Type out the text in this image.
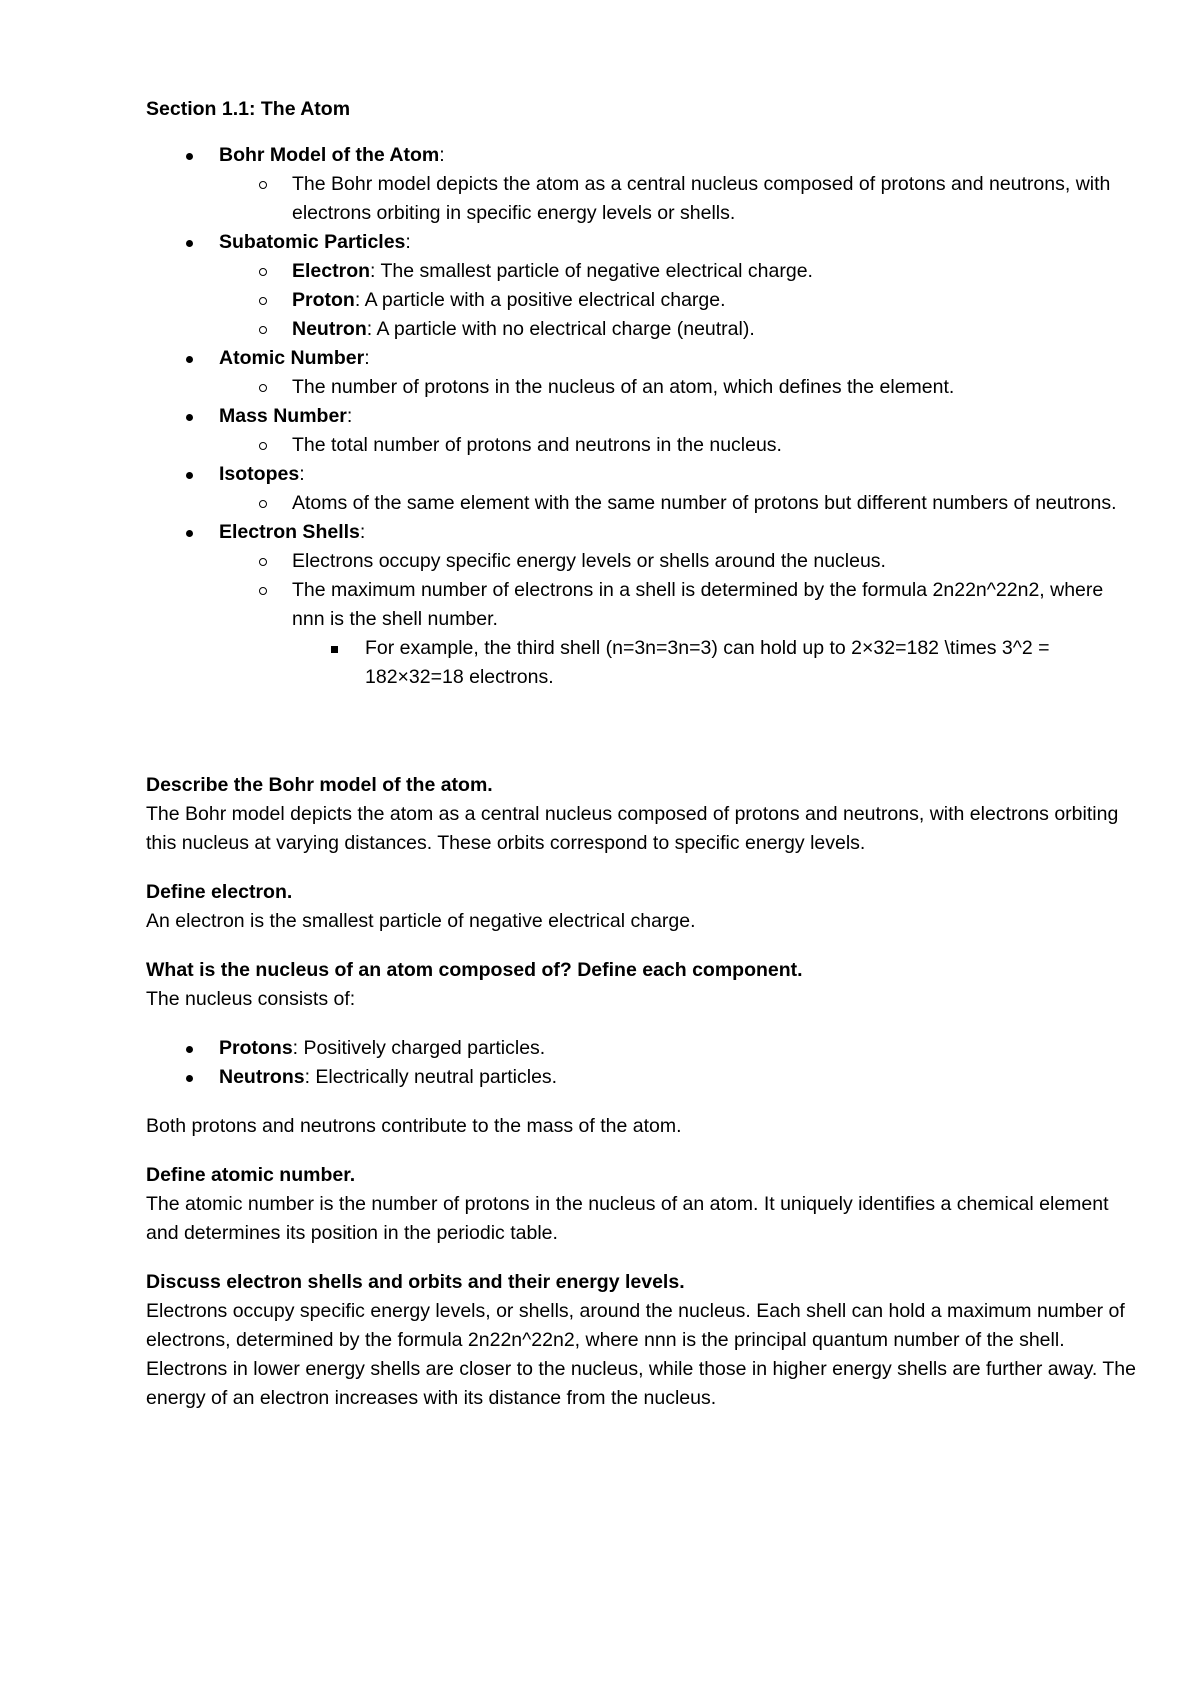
Section 1.1: The Atom
Bohr Model of the Atom:
The Bohr model depicts the atom as a central nucleus composed of protons and neutrons, with electrons orbiting in specific energy levels or shells.
Subatomic Particles:
Electron: The smallest particle of negative electrical charge.
Proton: A particle with a positive electrical charge.
Neutron: A particle with no electrical charge (neutral).
Atomic Number:
The number of protons in the nucleus of an atom, which defines the element.
Mass Number:
The total number of protons and neutrons in the nucleus.
Isotopes:
Atoms of the same element with the same number of protons but different numbers of neutrons.
Electron Shells:
Electrons occupy specific energy levels or shells around the nucleus.
The maximum number of electrons in a shell is determined by the formula 2n22n^22n2, where nnn is the shell number.
For example, the third shell (n=3n=3n=3) can hold up to 2×32=182 \times 3^2 = 182×32=18 electrons.
Describe the Bohr model of the atom.

The Bohr model depicts the atom as a central nucleus composed of protons and neutrons, with electrons orbiting this nucleus at varying distances. These orbits correspond to specific energy levels.

Define electron.

An electron is the smallest particle of negative electrical charge.

What is the nucleus of an atom composed of? Define each component.

The nucleus consists of:

Protons: Positively charged particles.
Neutrons: Electrically neutral particles.

Both protons and neutrons contribute to the mass of the atom.

Define atomic number.

The atomic number is the number of protons in the nucleus of an atom. It uniquely identifies a chemical element and determines its position in the periodic table.

Discuss electron shells and orbits and their energy levels.

Electrons occupy specific energy levels, or shells, around the nucleus. Each shell can hold a maximum number of electrons, determined by the formula 2n22n^22n2, where nnn is the principal quantum number of the shell. Electrons in lower energy shells are closer to the nucleus, while those in higher energy shells are further away. The energy of an electron increases with its distance from the nucleus.
